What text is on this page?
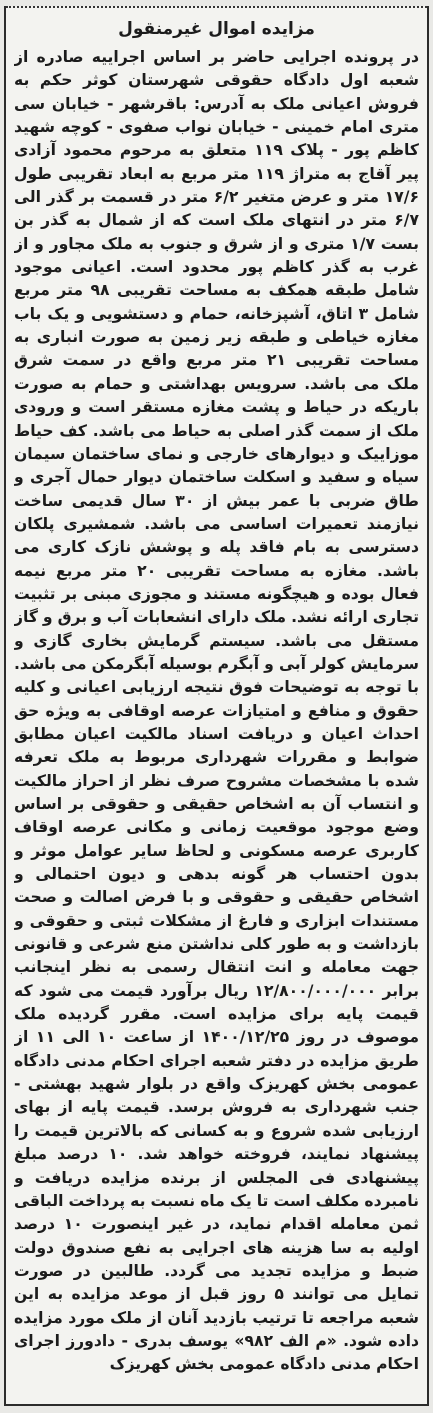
مزایده اموال غیرمنقول
در پرونده اجرایی حاضر بر اساس اجراییه صادره از شعبه اول دادگاه حقوقی شهرستان کوثر حکم به فروش اعیانی ملک به آدرس: باقرشهر - خیابان سی متری امام خمینی - خیابان نواب صفوی - کوچه شهید کاظم پور - پلاک ۱۱۹ متعلق به مرحوم محمود آزادی پیر آقاج به متراژ ۱۱۹ متر مربع به ابعاد تقریبی طول ۱۷/۶ متر و عرض متغیر ۶/۲ متر در قسمت بر گذر الی ۶/۷ متر در انتهای ملک است که از شمال به گذر بن بست ۱/۷ متری و از شرق و جنوب به ملک مجاور و از غرب به گذر کاظم پور محدود است. اعیانی موجود شامل طبقه همکف به مساحت تقریبی ۹۸ متر مربع شامل ۳ اتاق، آشپزخانه، حمام و دستشویی و یک باب مغازه خیاطی و طبقه زیر زمین به صورت انباری به مساحت تقریبی ۲۱ متر مربع واقع در سمت شرق ملک می باشد. سرویس بهداشتی و حمام به صورت باریکه در حیاط و پشت مغازه مستقر است و ورودی ملک از سمت گذر اصلی به حیاط می باشد. کف حیاط موزاییک و دیوارهای خارجی و نمای ساختمان سیمان سیاه و سفید و اسکلت ساختمان دیوار حمال آجری و طاق ضربی با عمر بیش از ۳۰ سال قدیمی ساخت نیازمند تعمیرات اساسی می باشد. شمشیری پلکان دسترسی به بام فاقد پله و پوشش نازک کاری می باشد. مغازه به مساحت تقریبی ۲۰ متر مربع نیمه فعال بوده و هیچگونه مستند و مجوزی مبنی بر تثبیت تجاری ارائه نشد. ملک دارای انشعابات آب و برق و گاز مستقل می باشد. سیستم گرمایش بخاری گازی و سرمایش کولر آبی و آبگرم بوسیله آبگرمکن می باشد. با توجه به توضیحات فوق نتیجه ارزیابی اعیانی و کلیه حقوق و منافع و امتیازات عرصه اوقافی به ویژه حق احداث اعیان و دریافت اسناد مالکیت اعیان مطابق ضوابط و مقررات شهرداری مربوط به ملک تعرفه شده با مشخصات مشروح صرف نظر از احراز مالکیت و انتساب آن به اشخاص حقیقی و حقوقی بر اساس وضع موجود موقعیت زمانی و مکانی عرصه اوقاف کاربری عرصه مسکونی و لحاظ سایر عوامل موثر و بدون احتساب هر گونه بدهی و دیون احتمالی و اشخاص حقیقی و حقوقی و با فرض اصالت و صحت مستندات ابزاری و فارغ از مشکلات ثبتی و حقوقی و بازداشت و به طور کلی نداشتن منع شرعی و قانونی جهت معامله و انت انتقال رسمی به نظر اینجانب برابر ۱۲/۸۰۰/۰۰۰/۰۰۰ ریال برآورد قیمت می شود که قیمت پایه برای مزایده است. مقرر گردیده ملک موصوف در روز ۱۴۰۰/۱۲/۲۵ از ساعت ۱۰ الی ۱۱ از طریق مزایده در دفتر شعبه اجرای احکام مدنی دادگاه عمومی بخش کهریزک واقع در بلوار شهید بهشتی - جنب شهرداری به فروش برسد. قیمت پایه از بهای ارزیابی شده شروع و به کسانی که بالاترین قیمت را پیشنهاد نمایند، فروخته خواهد شد. ۱۰ درصد مبلغ پیشنهادی فی المجلس از برنده مزایده دریافت و نامبرده مکلف است تا یک ماه نسبت به پرداخت الباقی ثمن معامله اقدام نماید، در غیر اینصورت ۱۰ درصد اولیه به سا هزینه های اجرایی به نفع صندوق دولت ضبط و مزایده تجدید می گردد. طالبین در صورت تمایل می توانند ۵ روز قبل از موعد مزایده به این شعبه مراجعه تا ترتیب بازدید آنان از ملک مورد مزایده داده شود. «م الف ۹۸۲» یوسف بدری - دادورز اجرای احکام مدنی دادگاه عمومی بخش کهریزک
